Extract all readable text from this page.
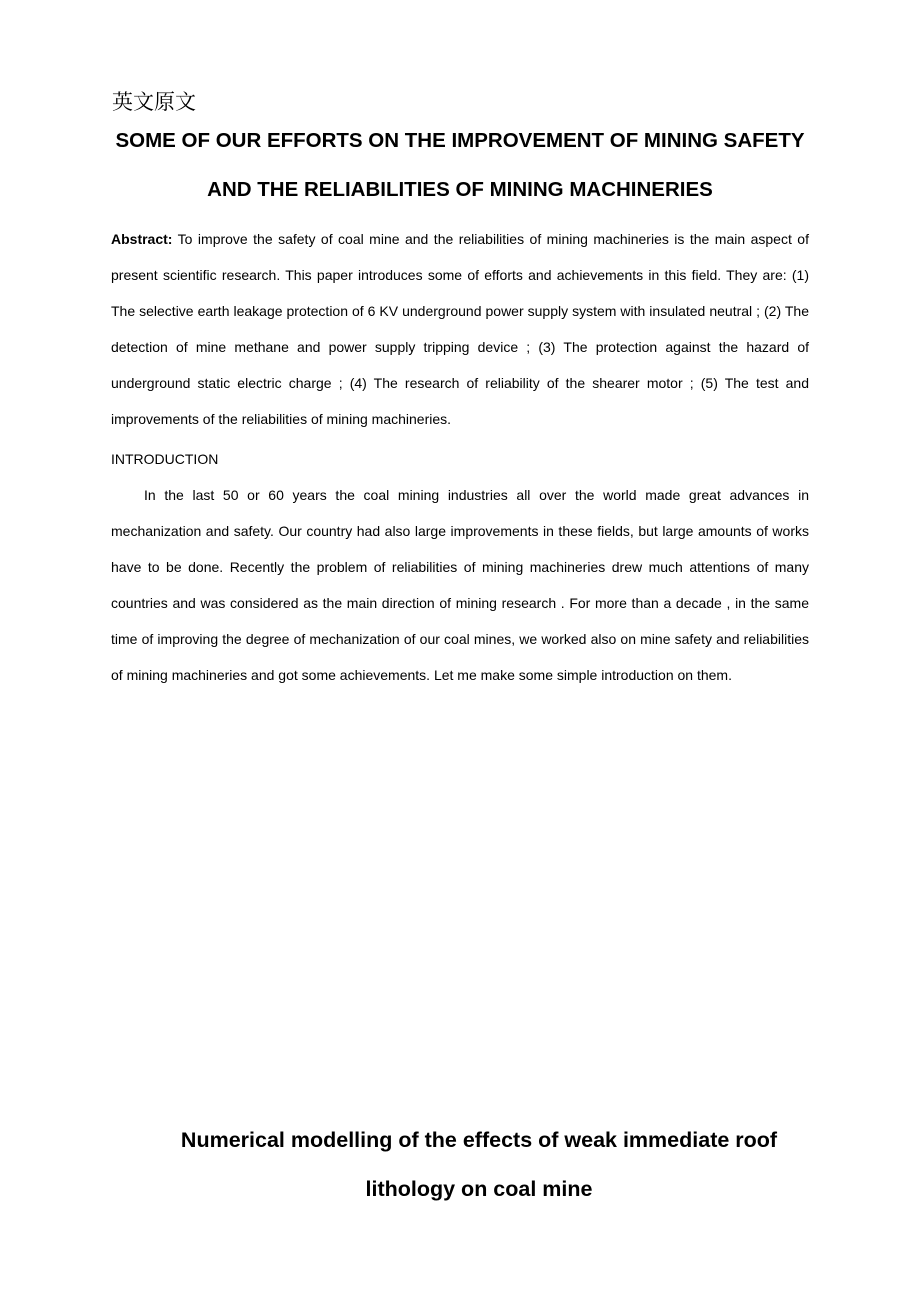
英文原文
SOME OF OUR EFFORTS ON THE IMPROVEMENT OF MINING SAFETY AND THE RELIABILITIES OF MINING MACHINERIES
Abstract: To improve the safety of coal mine and the reliabilities of mining machineries is the main aspect of present scientific research. This paper introduces some of efforts and achievements in this field. They are: (1) The selective earth leakage protection of 6 KV underground power supply system with insulated neutral ; (2) The detection of mine methane and power supply tripping device ; (3) The protection against the hazard of underground static electric charge ; (4) The research of reliability of the shearer motor ; (5) The test and improvements of the reliabilities of mining machineries.
INTRODUCTION
In the last 50 or 60 years the coal mining industries all over the world made great advances in mechanization and safety. Our country had also large improvements in these fields, but large amounts of works have to be done. Recently the problem of reliabilities of mining machineries drew much attentions of many countries and was considered as the main direction of mining research . For more than a decade , in the same time of improving the degree of mechanization of our coal mines, we worked also on mine safety and reliabilities of mining machineries and got some achievements. Let me make some simple introduction on them.
Numerical modelling of the effects of weak immediate roof lithology on coal mine
